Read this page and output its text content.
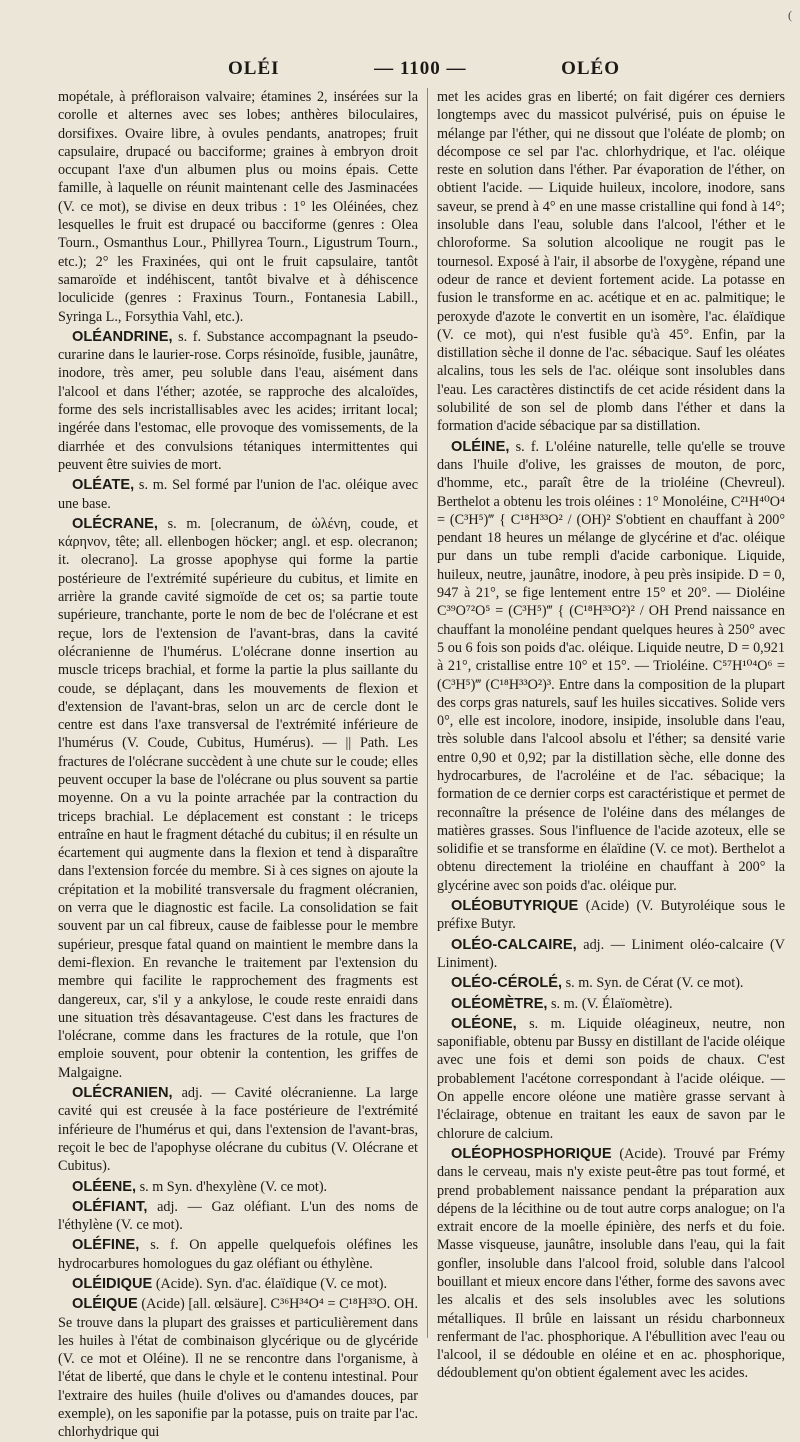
(
OLÉI	— 1100 —	OLÉO

mopétale, à préfloraison valvaire; étamines 2, insérées sur la corolle et alternes avec ses lobes; anthères biloculaires, dorsifixes. Ovaire libre, à ovules pendants, anatropes; fruit capsulaire, drupacé ou bacciforme; graines à embryon droit occupant l'axe d'un albumen plus ou moins épais. Cette famille, à laquelle on réunit maintenant celle des Jasminacées (V. ce mot), se divise en deux tribus : 1° les Oléinées, chez lesquelles le fruit est drupacé ou bacciforme (genres : Olea Tourn., Osmanthus Lour., Phillyrea Tourn., Ligustrum Tourn., etc.); 2° les Fraxinées, qui ont le fruit capsulaire, tantôt samaroïde et indéhiscent, tantôt bivalve et à déhiscence loculicide (genres : Fraxinus Tourn., Fontanesia Labill., Syringa L., Forsythia Vahl, etc.).

OLÉANDRINE, s. f. Substance accompagnant la pseudo-curarine dans le laurier-rose. Corps résinoïde, fusible, jaunâtre, inodore, très amer, peu soluble dans l'eau, aisément dans l'alcool et dans l'éther; azotée, se rapproche des alcaloïdes, forme des sels incristallisables avec les acides; irritant local; ingérée dans l'estomac, elle provoque des vomissements, de la diarrhée et des convulsions tétaniques intermittentes qui peuvent être suivies de mort.

OLÉATE, s. m. Sel formé par l'union de l'ac. oléique avec une base.

OLÉCRANE, s. m. [olecranum, de ὠλένη, coude, et κάρηνον, tête; all. ellenbogen höcker; angl. et esp. olecranon; it. olecrano]. La grosse apophyse qui forme la partie postérieure de l'extrémité supérieure du cubitus, et limite en arrière la grande cavité sigmoïde de cet os; sa partie toute supérieure, tranchante, porte le nom de bec de l'olécrane et est reçue, lors de l'extension de l'avant-bras, dans la cavité olécranienne de l'humérus. L'olécrane donne insertion au muscle triceps brachial, et forme la partie la plus saillante du coude, se déplaçant, dans les mouvements de flexion et d'extension de l'avant-bras, selon un arc de cercle dont le centre est dans l'axe transversal de l'extrémité inférieure de l'humérus (V. Coude, Cubitus, Humérus). — || Path. Les fractures de l'olécrane succèdent à une chute sur le coude; elles peuvent occuper la base de l'olécrane ou plus souvent sa partie moyenne. On a vu la pointe arrachée par la contraction du triceps brachial. Le déplacement est constant : le triceps entraîne en haut le fragment détaché du cubitus; il en résulte un écartement qui augmente dans la flexion et tend à disparaître dans l'extension forcée du membre. Si à ces signes on ajoute la crépitation et la mobilité transversale du fragment olécranien, on verra que le diagnostic est facile. La consolidation se fait souvent par un cal fibreux, cause de faiblesse pour le membre supérieur, presque fatal quand on maintient le membre dans la demi-flexion. En revanche le traitement par l'extension du membre qui facilite le rapprochement des fragments est dangereux, car, s'il y a ankylose, le coude reste enraidi dans une situation très désavantageuse. C'est dans les fractures de l'olécrane, comme dans les fractures de la rotule, que l'on emploie souvent, pour obtenir la contention, les griffes de Malgaigne.

OLÉCRANIEN, adj. — Cavité olécranienne. La large cavité qui est creusée à la face postérieure de l'extrémité inférieure de l'humérus et qui, dans l'extension de l'avant-bras, reçoit le bec de l'apophyse olécrane du cubitus (V. Olécrane et Cubitus).

OLÉENE, s. m Syn. d'hexylène (V. ce mot).

OLÉFIANT, adj. — Gaz oléfiant. L'un des noms de l'éthylène (V. ce mot).

OLÉFINE, s. f. On appelle quelquefois oléfines les hydrocarbures homologues du gaz oléfiant ou éthylène.

OLÉIDIQUE (Acide). Syn. d'ac. élaïdique (V. ce mot).

OLÉIQUE (Acide) [all. œlsäure]. C³⁶H³⁴O⁴ = C¹⁸H³³O. OH. Se trouve dans la plupart des graisses et particulièrement dans les huiles à l'état de combinaison glycérique ou de glycéride (V. ce mot et Oléine). Il ne se rencontre dans l'organisme, à l'état de liberté, que dans le chyle et le contenu intestinal. Pour l'extraire des huiles (huile d'olives ou d'amandes douces, par exemple), on les saponifie par la potasse, puis on traite par l'ac. chlorhydrique qui

met les acides gras en liberté; on fait digérer ces derniers longtemps avec du massicot pulvérisé, puis on épuise le mélange par l'éther, qui ne dissout que l'oléate de plomb; on décompose ce sel par l'ac. chlorhydrique, et l'ac. oléique reste en solution dans l'éther. Par évaporation de l'éther, on obtient l'acide. — Liquide huileux, incolore, inodore, sans saveur, se prend à 4° en une masse cristalline qui fond à 14°; insoluble dans l'eau, soluble dans l'alcool, l'éther et le chloroforme. Sa solution alcoolique ne rougit pas le tournesol. Exposé à l'air, il absorbe de l'oxygène, répand une odeur de rance et devient fortement acide. La potasse en fusion le transforme en ac. acétique et en ac. palmitique; le peroxyde d'azote le convertit en un isomère, l'ac. élaïdique (V. ce mot), qui n'est fusible qu'à 45°. Enfin, par la distillation sèche il donne de l'ac. sébacique. Sauf les oléates alcalins, tous les sels de l'ac. oléique sont insolubles dans l'eau. Les caractères distinctifs de cet acide résident dans la solubilité de son sel de plomb dans l'éther et dans la formation d'acide sébacique par sa distillation.

OLÉINE, s. f. L'oléine naturelle, telle qu'elle se trouve dans l'huile d'olive, les graisses de mouton, de porc, d'homme, etc., paraît être de la trioléine (Chevreul). Berthelot a obtenu les trois oléines : 1° Monoléine, C²¹H⁴⁰O⁴ = (C³H⁵)‴ { C¹⁸H³³O² / (OH)² S'obtient en chauffant à 200° pendant 18 heures un mélange de glycérine et d'ac. oléique pur dans un tube rempli d'acide carbonique. Liquide, huileux, neutre, jaunâtre, inodore, à peu près insipide. D = 0, 947 à 21°, se fige lentement entre 15° et 20°. — Dioléine C³⁹O⁷²O⁵ = (C³H⁵)‴ { (C¹⁸H³³O²)² / OH Prend naissance en chauffant la monoléine pendant quelques heures à 250° avec 5 ou 6 fois son poids d'ac. oléique. Liquide neutre, D = 0,921 à 21°, cristallise entre 10° et 15°. — Trioléine. C⁵⁷H¹⁰⁴O⁶ = (C³H⁵)‴ (C¹⁸H³³O²)³. Entre dans la composition de la plupart des corps gras naturels, sauf les huiles siccatives. Solide vers 0°, elle est incolore, inodore, insipide, insoluble dans l'eau, très soluble dans l'alcool absolu et l'éther; sa densité varie entre 0,90 et 0,92; par la distillation sèche, elle donne des hydrocarbures, de l'acroléine et de l'ac. sébacique; la formation de ce dernier corps est caractéristique et permet de reconnaître la présence de l'oléine dans des mélanges de matières grasses. Sous l'influence de l'acide azoteux, elle se solidifie et se transforme en élaïdine (V. ce mot). Berthelot a obtenu directement la trioléine en chauffant à 200° la glycérine avec son poids d'ac. oléique pur.

OLÉOBUTYRIQUE (Acide) (V. Butyroléique sous le préfixe Butyr.

OLÉO-CALCAIRE, adj. — Liniment oléo-calcaire (V Liniment).

OLÉO-CÉROLÉ, s. m. Syn. de Cérat (V. ce mot).

OLÉOMÈTRE, s. m. (V. Élaïomètre).

OLÉONE, s. m. Liquide oléagineux, neutre, non saponifiable, obtenu par Bussy en distillant de l'acide oléique avec une fois et demi son poids de chaux. C'est probablement l'acétone correspondant à l'acide oléique. — On appelle encore oléone une matière grasse servant à l'éclairage, obtenue en traitant les eaux de savon par le chlorure de calcium.

OLÉOPHOSPHORIQUE (Acide). Trouvé par Frémy dans le cerveau, mais n'y existe peut-être pas tout formé, et prend probablement naissance pendant la préparation aux dépens de la lécithine ou de tout autre corps analogue; on l'a extrait encore de la moelle épinière, des nerfs et du foie. Masse visqueuse, jaunâtre, insoluble dans l'eau, qui la fait gonfler, insoluble dans l'alcool froid, soluble dans l'alcool bouillant et mieux encore dans l'éther, forme des savons avec les alcalis et des sels insolubles avec les solutions métalliques. Il brûle en laissant un résidu charbonneux renfermant de l'ac. phosphorique. A l'ébullition avec l'eau ou l'alcool, il se dédouble en oléine et en ac. phosphorique, dédoublement qu'on obtient également avec les acides.
